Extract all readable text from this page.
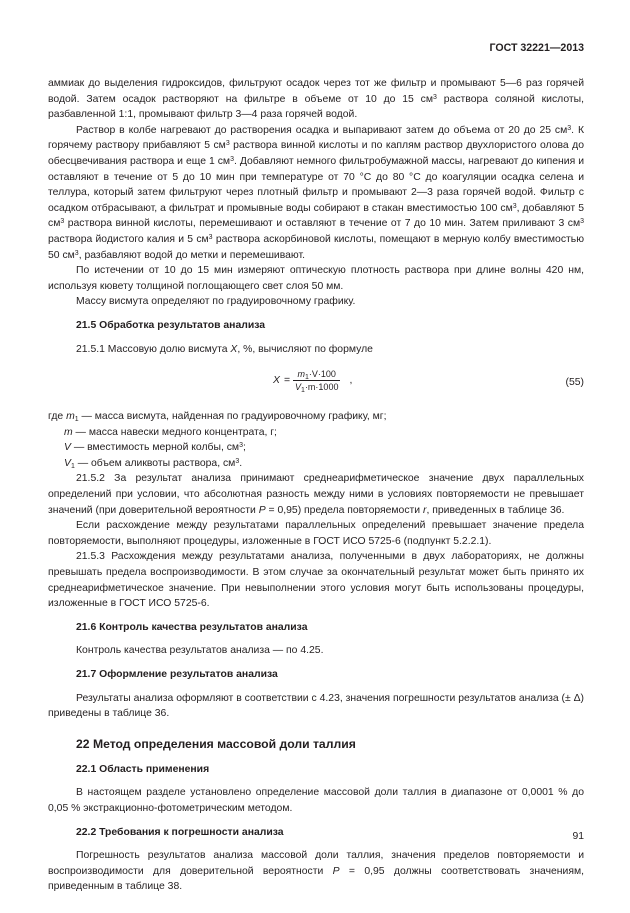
ГОСТ 32221—2013

аммиак до выделения гидроксидов, фильтруют осадок через тот же фильтр и промывают 5—6 раз горячей водой. Затем осадок растворяют на фильтре в объеме от 10 до 15 $см^3$ раствора соляной кислоты, разбавленной 1:1, промывают фильтр 3—4 раза горячей водой.

Раствор в колбе нагревают до растворения осадка и выпаривают затем до объема от 20 до 25 $см^3$. К горячему раствору прибавляют 5 $см^3$ раствора винной кислоты и по каплям раствор двухлористого олова до обесцвечивания раствора и еще 1 $см^3$. Добавляют немного фильтробумажной массы, нагревают до кипения и оставляют в течение от 5 до 10 мин при температуре от 70 °С до 80 °С до коагуляции осадка селена и теллура, который затем фильтруют через плотный фильтр и промывают 2—3 раза горячей водой. Фильтр с осадком отбрасывают, а фильтрат и промывные воды собирают в стакан вместимостью 100 $см^3$, добавляют 5 $см^3$ раствора винной кислоты, перемешивают и оставляют в течение от 7 до 10 мин. Затем приливают 3 $см^3$ раствора йодистого калия и 5 $см^3$ раствора аскорбиновой кислоты, помещают в мерную колбу вместимостью 50 $см^3$, разбавляют водой до метки и перемешивают.

По истечении от 10 до 15 мин измеряют оптическую плотность раствора при длине волны 420 нм, используя кювету толщиной поглощающего свет слоя 50 мм.

Массу висмута определяют по градуировочному графику.

21.5 Обработка результатов анализа

21.5.1 Массовую долю висмута X, %, вычисляют по формуле

$X = \frac{m_1\cdot V\cdot 100}{V_1\cdot m\cdot 1000}$ ,	(55)
где $m_1$ — масса висмута, найденная по градуировочному графику, мг;
m — масса навески медного концентрата, г;
V — вместимость мерной колбы, $см^3$;
$V_1$ — объем аликвоты раствора, $см^3$.

21.5.2 За результат анализа принимают среднеарифметическое значение двух параллельных определений при условии, что абсолютная разность между ними в условиях повторяемости не превышает значений (при доверительной вероятности P = 0,95) предела повторяемости r, приведенных в таблице 36.

Если расхождение между результатами параллельных определений превышает значение предела повторяемости, выполняют процедуры, изложенные в ГОСТ ИСО 5725-6 (подпункт 5.2.2.1).

21.5.3 Расхождения между результатами анализа, полученными в двух лабораториях, не должны превышать предела воспроизводимости. В этом случае за окончательный результат может быть принято их среднеарифметическое значение. При невыполнении этого условия могут быть использованы процедуры, изложенные в ГОСТ ИСО 5725-6.

21.6 Контроль качества результатов анализа

Контроль качества результатов анализа — по 4.25.

21.7 Оформление результатов анализа

Результаты анализа оформляют в соответствии с 4.23, значения погрешности результатов анализа (± Δ) приведены в таблице 36.

22 Метод определения массовой доли таллия

22.1 Область применения

В настоящем разделе установлено определение массовой доли таллия в диапазоне от 0,0001 % до 0,05 % экстракционно-фотометрическим методом.

22.2 Требования к погрешности анализа

Погрешность результатов анализа массовой доли таллия, значения пределов повторяемости и воспроизводимости для доверительной вероятности P = 0,95 должны соответствовать значениям, приведенным в таблице 38.

91
